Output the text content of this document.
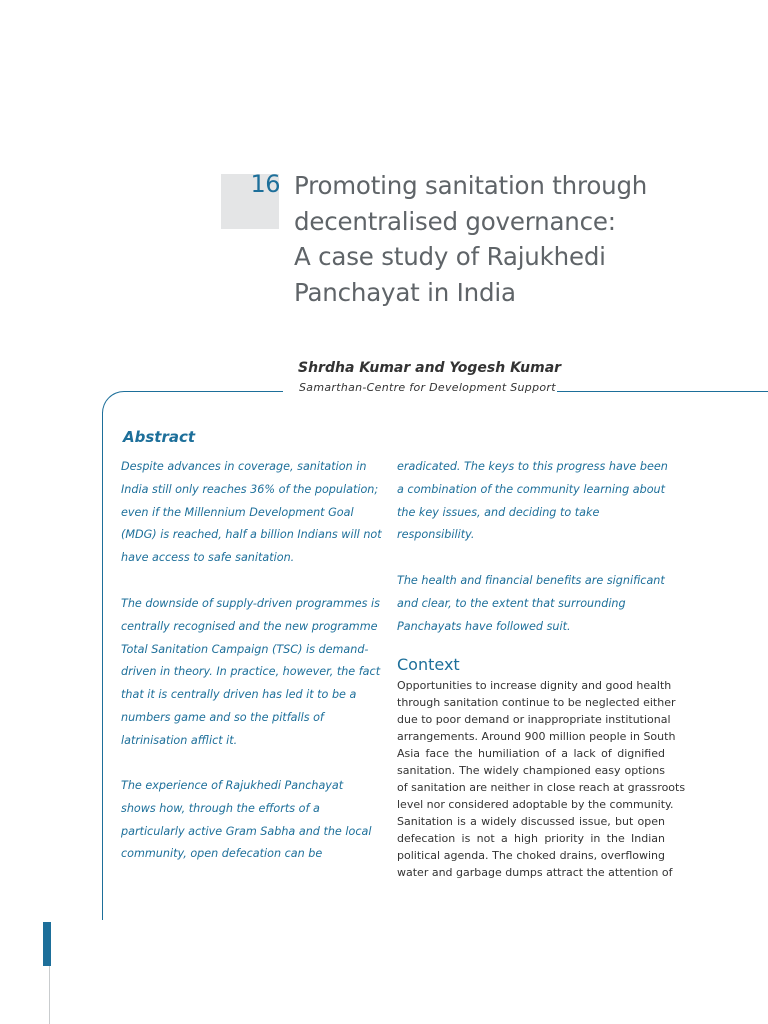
16 Promoting sanitation through
decentralised governance:
A case study of Rajukhedi
Panchayat in India
Shrdha Kumar and Yogesh Kumar
Samarthan-Centre for Development Support
Abstract
Despite advances in coverage, sanitation in
India still only reaches 36% of the population;
even if the Millennium Development Goal
(MDG) is reached, half a billion Indians will not
have access to safe sanitation.
The downside of supply-driven programmes is
centrally recognised and the new programme
Total Sanitation Campaign (TSC) is demand-
driven in theory. In practice, however, the fact
that it is centrally driven has led it to be a
numbers game and so the pitfalls of
latrinisation afflict it.
The experience of Rajukhedi Panchayat
shows how, through the efforts of a
particularly active Gram Sabha and the local
community, open defecation can be
eradicated. The keys to this progress have been
a combination of the community learning about
the key issues, and deciding to take
responsibility.
The health and financial benefits are significant
and clear, to the extent that surrounding
Panchayats have followed suit.
Context
Opportunities to increase dignity and good health
through sanitation continue to be neglected either
due to poor demand or inappropriate institutional
arrangements. Around 900 million people in South
Asia face the humiliation of a lack of dignified
sanitation. The widely championed easy options
of sanitation are neither in close reach at grassroots
level nor considered adoptable by the community.
Sanitation is a widely discussed issue, but open
defecation is not a high priority in the Indian
political agenda. The choked drains, overflowing
water and garbage dumps attract the attention of
